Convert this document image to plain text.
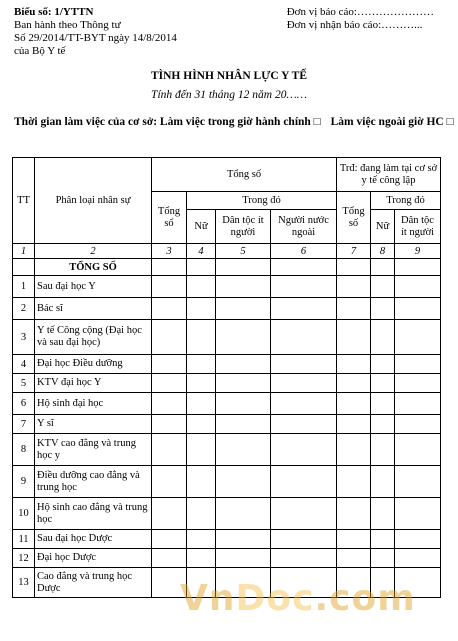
Biểu số: 1/YTTN
Ban hành theo Thông tư
Số 29/2014/TT-BYT ngày 14/8/2014
của Bộ Y tế
Đơn vị báo cáo:…………………
Đơn vị nhận báo cáo:………...
TÌNH HÌNH NHÂN LỰC Y TẾ
Tính đến 31 tháng 12 năm 20……
Thời gian làm việc của cơ sở: Làm việc trong giờ hành chính □ Làm việc ngoài giờ HC □
TT	Phân loại nhân sự	Tổng số				Trđ: đang làm tại cơ sở y tế công lập		
		Tổng số	Trong đó			Tổng số	Trong đó	
			Nữ	Dân tộc ít người	Người nước ngoài		Nữ	Dân tộc ít người
1	2	3	4	5	6	7	8	9
	TỔNG SỐ							
1	Sau đại học Y							
2	Bác sĩ							
3	Y tế Công cộng (Đại học và sau đại học)							
4	Đại học Điều dưỡng							
5	KTV đại học Y							
6	Hộ sinh đại học							
7	Y sĩ							
8	KTV cao đẳng và trung học y							
9	Điều dưỡng cao đẳng và trung học							
10	Hộ sinh cao đẳng và trung học							
11	Sau đại học Dược							
12	Đại học Dược							
13	Cao đẳng và trung học Dược								VnDoc.com
